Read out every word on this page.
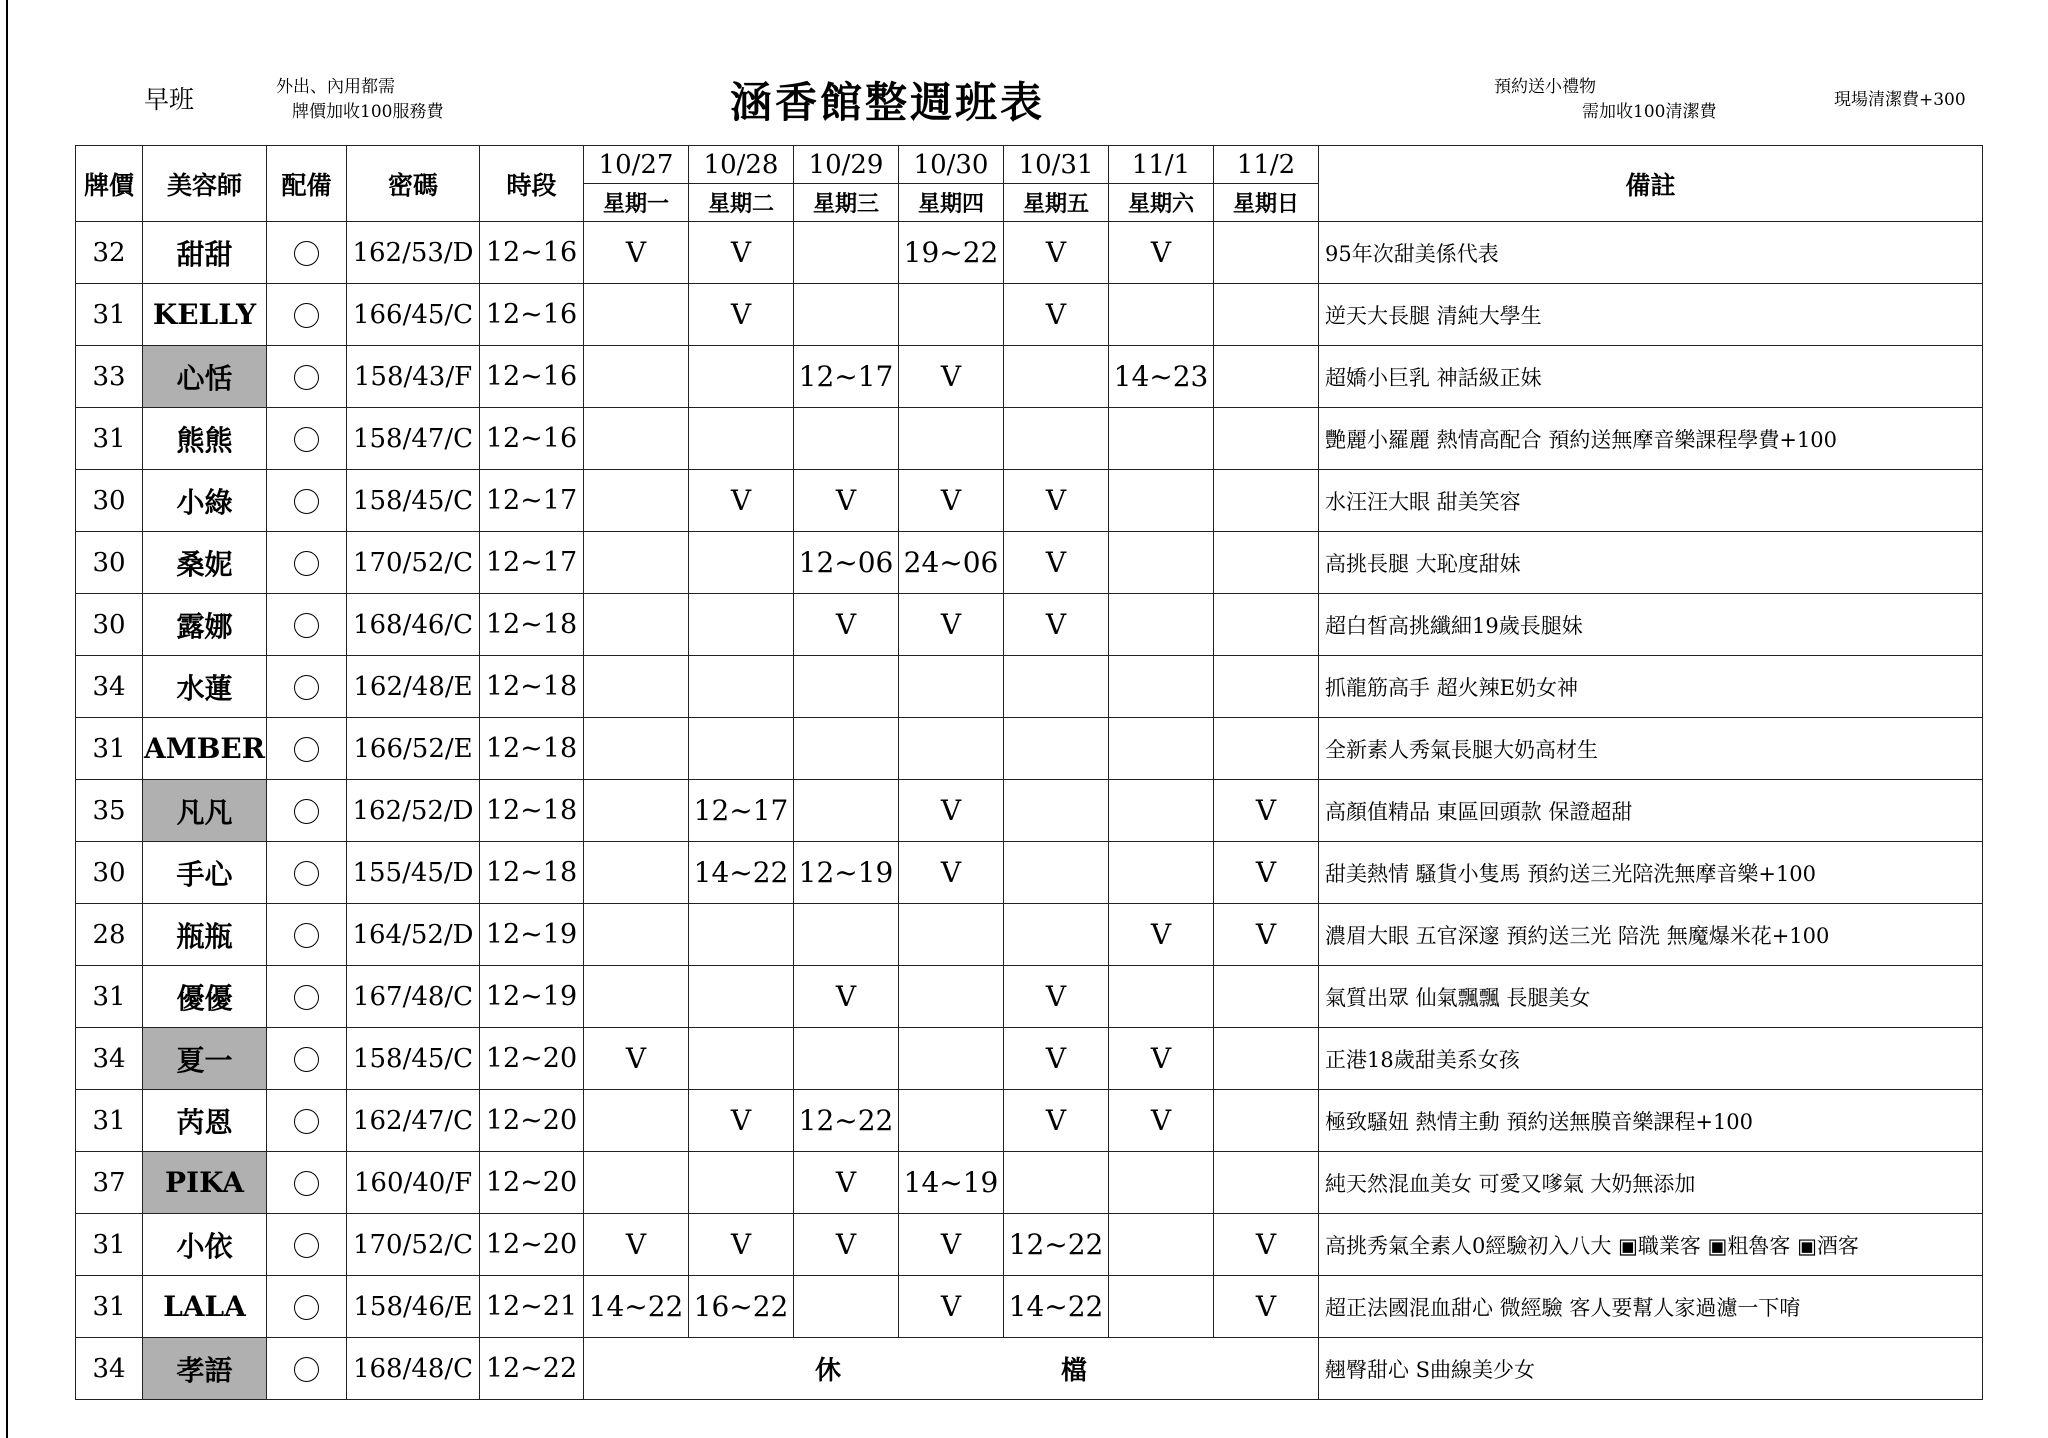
早班	外出、內用都需
牌價加收100服務費	涵香館整週班表	預約送小禮物
需加收100清潔費
現場清潔費+300
牌價	美容師	配備	密碼	時段	10/27	10/28	10/29	10/30	10/31	11/1	11/2	備註
					星期一	星期二	星期三	星期四	星期五	星期六	星期日	
32	甜甜		162/53/D	12~16	V	V		19~22	V	V		95年次甜美係代表
31	KELLY		166/45/C	12~16		V			V			逆天大長腿 清純大學生
33	心恬		158/43/F	12~16			12~17	V		14~23		超嬌小巨乳 神話級正妹
31	熊熊		158/47/C	12~16								艷麗小羅麗 熱情高配合 預約送無摩音樂課程學費+100
30	小綠		158/45/C	12~17		V	V	V	V			水汪汪大眼 甜美笑容
30	桑妮		170/52/C	12~17			12~06	24~06	V			高挑長腿 大恥度甜妹
30	露娜		168/46/C	12~18			V	V	V			超白皙高挑纖細19歲長腿妹
34	水蓮		162/48/E	12~18								抓龍筋高手 超火辣E奶女神
31	AMBER		166/52/E	12~18								全新素人秀氣長腿大奶高材生
35	凡凡		162/52/D	12~18		12~17		V			V	高顏值精品 東區回頭款 保證超甜
30	手心		155/45/D	12~18		14~22	12~19	V			V	甜美熱情 騷貨小隻馬 預約送三光陪洗無摩音樂+100
28	瓶瓶		164/52/D	12~19						V	V	濃眉大眼 五官深邃 預約送三光 陪洗 無魔爆米花+100
31	優優		167/48/C	12~19			V		V			氣質出眾 仙氣飄飄 長腿美女
34	夏一		158/45/C	12~20	V				V	V		正港18歲甜美系女孩
31	芮恩		162/47/C	12~20		V	12~22		V	V		極致騷妞 熱情主動 預約送無膜音樂課程+100
37	PIKA		160/40/F	12~20			V	14~19				純天然混血美女 可愛又嗲氣 大奶無添加
31	小依		170/52/C	12~20	V	V	V	V	12~22		V	高挑秀氣全素人0經驗初入八大 ▣職業客 ▣粗魯客 ▣酒客
31	LALA		158/46/E	12~21	14~22	16~22		V	14~22		V	超正法國混血甜心 微經驗 客人要幫人家過濾一下唷
34	孝語		168/48/C	12~22	休 檔							翹臀甜心 S曲線美少女
